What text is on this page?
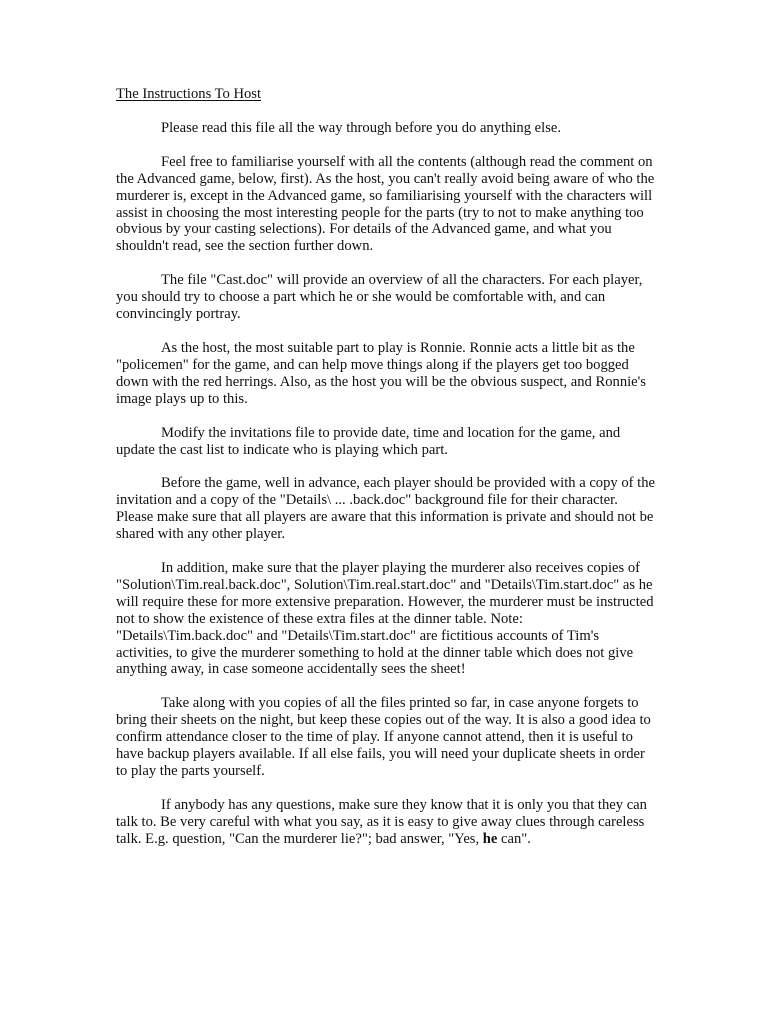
The Instructions To Host

Please read this file all the way through before you do anything else.

Feel free to familiarise yourself with all the contents (although read the comment on the Advanced game, below, first). As the host, you can't really avoid being aware of who the murderer is, except in the Advanced game, so familiarising yourself with the characters will assist in choosing the most interesting people for the parts (try to not to make anything too obvious by your casting selections). For details of the Advanced game, and what you shouldn't read, see the section further down.

The file "Cast.doc" will provide an overview of all the characters. For each player, you should try to choose a part which he or she would be comfortable with, and can convincingly portray.

As the host, the most suitable part to play is Ronnie. Ronnie acts a little bit as the "policemen" for the game, and can help move things along if the players get too bogged down with the red herrings. Also, as the host you will be the obvious suspect, and Ronnie's image plays up to this.

Modify the invitations file to provide date, time and location for the game, and update the cast list to indicate who is playing which part.

Before the game, well in advance, each player should be provided with a copy of the invitation and a copy of the "Details\ ... .back.doc" background file for their character. Please make sure that all players are aware that this information is private and should not be shared with any other player.

In addition, make sure that the player playing the murderer also receives copies of "Solution\Tim.real.back.doc", Solution\Tim.real.start.doc" and "Details\Tim.start.doc" as he will require these for more extensive preparation. However, the murderer must be instructed not to show the existence of these extra files at the dinner table. Note: "Details\Tim.back.doc" and "Details\Tim.start.doc" are fictitious accounts of Tim's activities, to give the murderer something to hold at the dinner table which does not give anything away, in case someone accidentally sees the sheet!

Take along with you copies of all the files printed so far, in case anyone forgets to bring their sheets on the night, but keep these copies out of the way. It is also a good idea to confirm attendance closer to the time of play. If anyone cannot attend, then it is useful to have backup players available. If all else fails, you will need your duplicate sheets in order to play the parts yourself.

If anybody has any questions, make sure they know that it is only you that they can talk to. Be very careful with what you say, as it is easy to give away clues through careless talk. E.g. question, "Can the murderer lie?"; bad answer, "Yes, he can".
